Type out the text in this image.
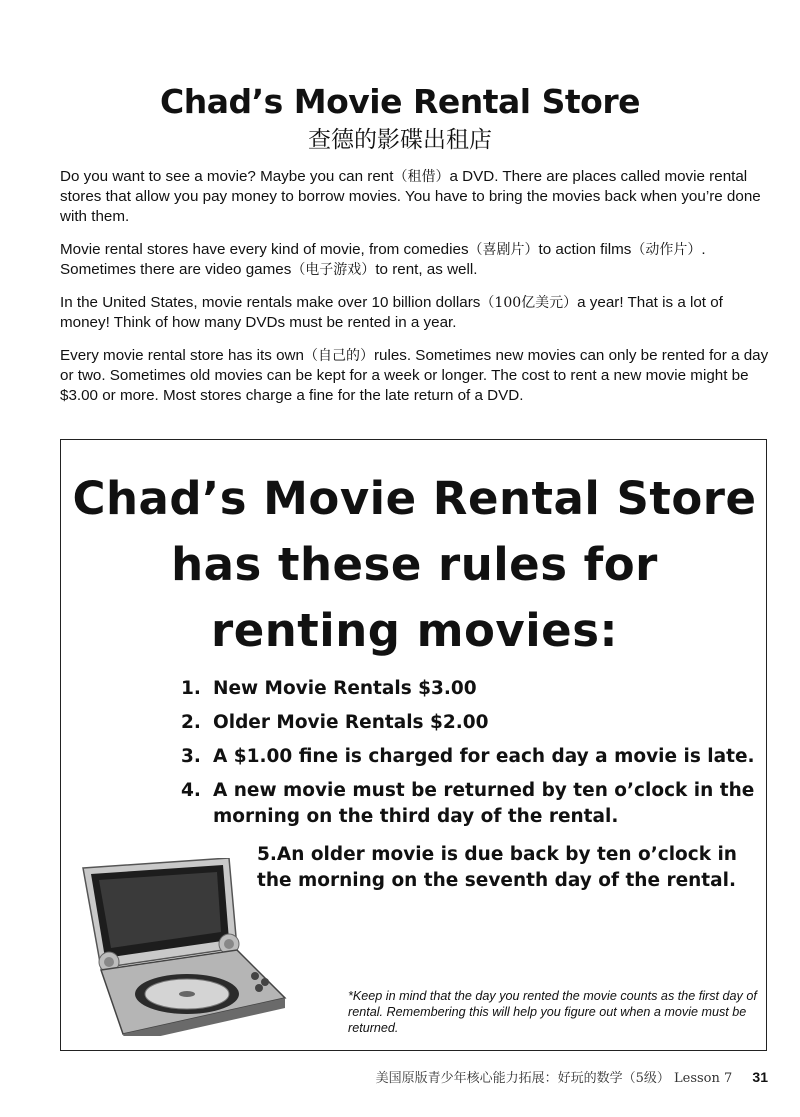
Chad’s Movie Rental Store
查德的影碟出租店

Do you want to see a movie? Maybe you can rent（租借）a DVD. There are places called movie rental stores that allow you pay money to borrow movies. You have to bring the movies back when you’re done with them.

Movie rental stores have every kind of movie, from comedies（喜剧片）to action films（动作片）. Sometimes there are video games（电子游戏）to rent, as well.

In the United States, movie rentals make over 10 billion dollars（100亿美元）a year! That is a lot of money! Think of how many DVDs must be rented in a year.

Every movie rental store has its own（自己的）rules. Sometimes new movies can only be rented for a day or two. Sometimes old movies can be kept for a week or longer. The cost to rent a new movie might be $3.00 or more. Most stores charge a fine for the late return of a DVD.

Chad’s Movie Rental Store
has these rules for
renting movies:
1. New Movie Rentals $3.00
2. Older Movie Rentals $2.00
3. A $1.00 fine is charged for each day a movie is late.
4. A new movie must be returned by ten o’clock in the morning on the third day of the rental.
5.An older movie is due back by ten o’clock in the morning on the seventh day of the rental.
*Keep in mind that the day you rented the movie counts as the first day of rental. Remembering this will help you figure out when a movie must be returned.
美国原版青少年核心能力拓展：好玩的数学（5级） Lesson 7 31
